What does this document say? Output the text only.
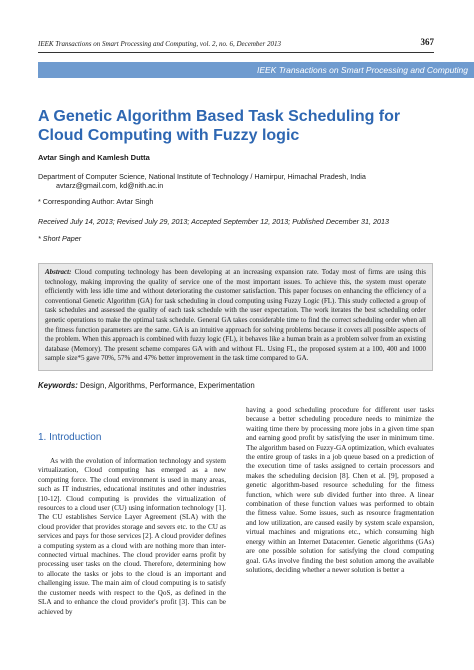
IEEK Transactions on Smart Processing and Computing, vol. 2, no. 6, December 2013	367
IEEK Transactions on Smart Processing and Computing
A Genetic Algorithm Based Task Scheduling for Cloud Computing with Fuzzy logic
Avtar Singh and Kamlesh Dutta
Department of Computer Science, National Institute of Technology / Hamirpur, Himachal Pradesh, India
avtarz@gmail.com, kd@nith.ac.in
* Corresponding Author: Avtar Singh
Received July 14, 2013; Revised July 29, 2013; Accepted September 12, 2013; Published December 31, 2013
* Short Paper
Abstract: Cloud computing technology has been developing at an increasing expansion rate. Today most of firms are using this technology, making improving the quality of service one of the most important issues. To achieve this, the system must operate efficiently with less idle time and without deteriorating the customer satisfaction. This paper focuses on enhancing the efficiency of a conventional Genetic Algorithm (GA) for task scheduling in cloud computing using Fuzzy Logic (FL). This study collected a group of task schedules and assessed the quality of each task schedule with the user expectation. The work iterates the best scheduling order genetic operations to make the optimal task schedule. General GA takes considerable time to find the correct scheduling order when all the fitness function parameters are the same. GA is an intuitive approach for solving problems because it covers all possible aspects of the problem. When this approach is combined with fuzzy logic (FL), it behaves like a human brain as a problem solver from an existing database (Memory). The present scheme compares GA with and without FL. Using FL, the proposed system at a 100, 400 and 1000 sample size*5 gave 70%, 57% and 47% better improvement in the task time compared to GA.
Keywords: Design, Algorithms, Performance, Experimentation
1. Introduction

As with the evolution of information technology and system virtualization, Cloud computing has emerged as a new computing force. The cloud environment is used in many areas, such as IT industries, educational institutes and other industries [10-12]. Cloud computing is provides the virtualization of resources to a cloud user (CU) using information technology [1]. The CU establishes Service Layer Agreement (SLA) with the cloud provider that provides storage and severs etc. to the CU as services and pays for those services [2]. A cloud provider defines a computing system as a cloud with are nothing more than inter-connected virtual machines. The cloud provider earns profit by processing user tasks on the cloud. Therefore, determining how to allocate the tasks or jobs to the cloud is an important and challenging issue. The main aim of cloud computing is to satisfy the customer needs with respect to the QoS, as defined in the SLA and to enhance the cloud provider's profit [3]. This can be achieved by

having a good scheduling procedure for different user tasks because a better scheduling procedure needs to minimize the waiting time there by processing more jobs in a given time span and earning good profit by satisfying the user in minimum time. The algorithm based on Fuzzy-GA optimization, which evaluates the entire group of tasks in a job queue based on a prediction of the execution time of tasks assigned to certain processors and makes the scheduling decision [8]. Chen et al. [9], proposed a genetic algorithm-based resource scheduling for the fitness function, which were sub divided further into three. A linear combination of these function values was performed to obtain the fitness value. Some issues, such as resource fragmentation and low utilization, are caused easily by system scale expansion, virtual machines and migrations etc., which consuming high energy within an Internet Datacenter. Genetic algorithms (GAs) are one possible solution for satisfying the cloud computing goal. GAs involve finding the best solution among the available solutions, deciding whether a newer solution is better a
